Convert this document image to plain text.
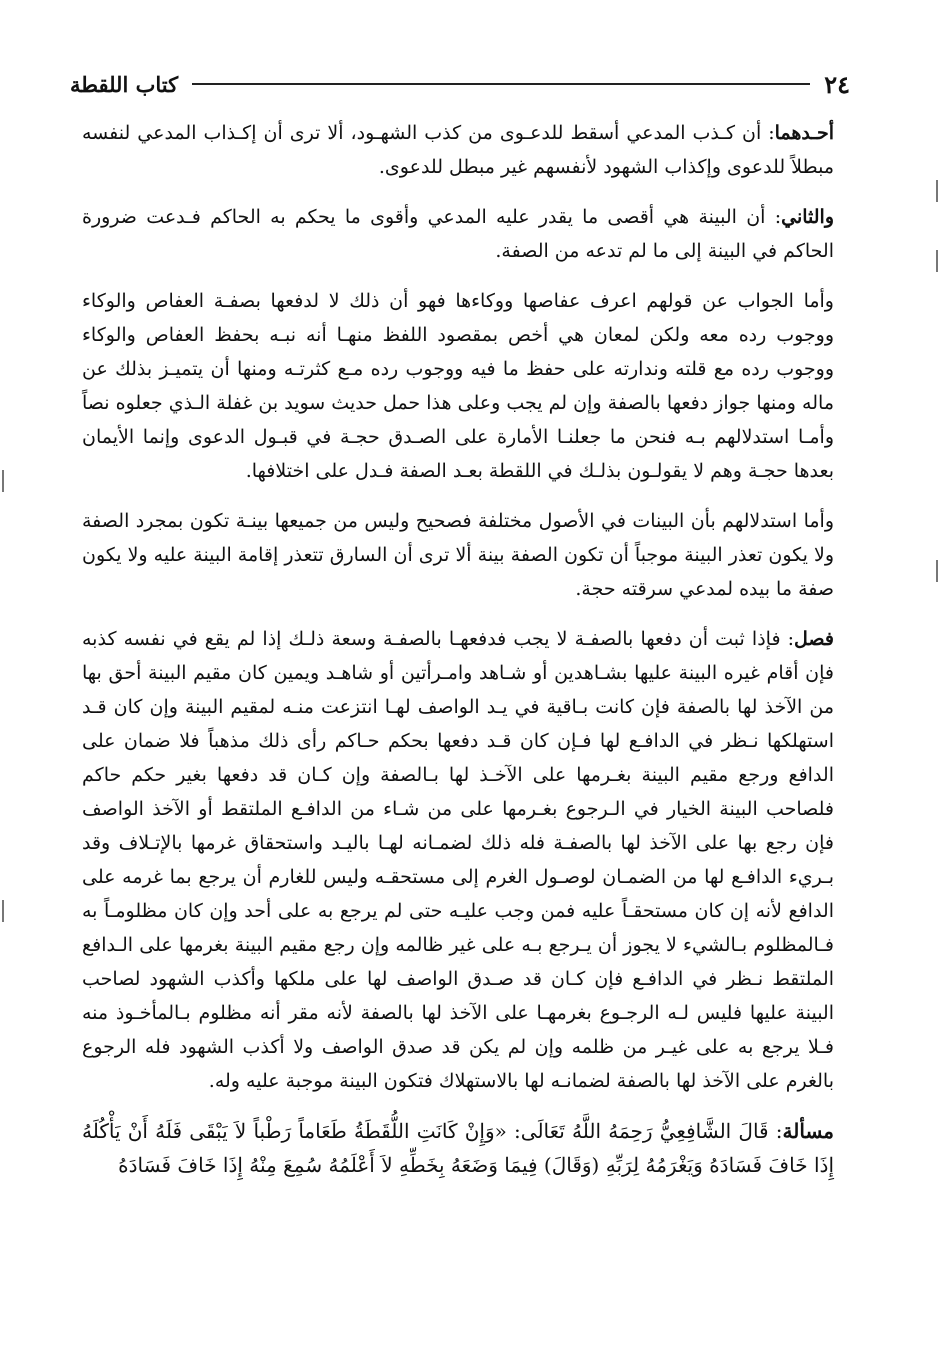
٢٤
كتاب اللقطة

أحـدهما: أن كـذب المدعي أسقط للدعـوى من كذب الشهـود، ألا ترى أن إكـذاب المدعي لنفسه مبطلاً للدعوى وإكذاب الشهود لأنفسهم غير مبطل للدعوى.

والثاني: أن البينة هي أقصى ما يقدر عليه المدعي وأقوى ما يحكم به الحاكم فـدعت ضرورة الحاكم في البينة إلى ما لم تدعه من الصفة.

وأما الجواب عن قولهم اعرف عفاصها ووكاءها فهو أن ذلك لا لدفعها بصفـة العفاص والوكاء ووجوب رده معه ولكن لمعان هي أخص بمقصود اللفظ منهـا أنه نبـه بحفظ العفاص والوكاء ووجوب رده مع قلته وندارته على حفظ ما فيه ووجوب رده مـع كثرتـه ومنها أن يتميـز بذلك عن ماله ومنها جواز دفعها بالصفة وإن لم يجب وعلى هذا حمل حديث سويد بن غفلة الـذي جعلوه نصاً وأمـا استدلالهم بـه فنحن ما جعلنـا الأمارة على الصـدق حجـة في قبـول الدعوى وإنما الأيمان بعدها حجـة وهم لا يقولـون بذلـك في اللقطة بعـد الصفة فـدل على اختلافها.

وأما استدلالهم بأن البينات في الأصول مختلفة فصحيح وليس من جميعها بينـة تكون بمجرد الصفة ولا يكون تعذر البينة موجباً أن تكون الصفة بينة ألا ترى أن السارق تتعذر إقامة البينة عليه ولا يكون صفة ما بيده لمدعي سرقته حجة.

فصل: فإذا ثبت أن دفعها بالصفـة لا يجب فدفعهـا بالصفـة وسعة ذلـك إذا لم يقع في نفسه كذبه فإن أقام غيره البينة عليها بشـاهدين أو شـاهد وامـرأتين أو شاهـد ويمين كان مقيم البينة أحق بها من الآخذ لها بالصفة فإن كانت بـاقية في يـد الواصف لهـا انتزعت منـه لمقيم البينة وإن كان قـد استهلكها نـظر في الدافـع لها فـإن كان قـد دفعها بحكم حـاكم رأى ذلك مذهباً فلا ضمان على الدافع ورجع مقيم البينة بغـرمها على الآخـذ لها بـالصفة وإن كـان قد دفعها بغير حكم حاكم فلصاحب البينة الخيار في الـرجوع بغـرمها على من شـاء من الدافـع الملتقط أو الآخذ الواصف فإن رجع بها على الآخذ لها بالصفـة فله ذلك لضمـانه لهـا باليـد واستحقاق غرمها بالإتـلاف وقد بـريء الدافـع لها من الضمـان لوصـول الغرم إلى مستحقـه وليس للغارم أن يرجع بما غرمه على الدافع لأنه إن كان مستحقـاً عليه فمن وجب عليـه حتى لم يرجع به على أحد وإن كان مظلومـاً به فـالمظلوم بـالشيء لا يجوز أن يـرجع بـه على غير ظالمه وإن رجع مقيم البينة بغرمها على الـدافع الملتقط نـظر في الدافـع فإن كـان قد صـدق الواصف لها على ملكها وأكذب الشهود لصاحب البينة عليها فليس لـه الرجـوع بغرمهـا على الآخذ لها بالصفة لأنه مقر أنه مظلوم بـالمأخـوذ منه فـلا يرجع به على غيـر من ظلمه وإن لم يكن قد صدق الواصف ولا أكذب الشهود فله الرجوع بالغرم على الآخذ لها بالصفة لضمانـه لها بالاستهلاك فتكون البينة موجبة عليه وله.

مسألة: قَالَ الشَّافِعِيُّ رَحِمَهُ اللَّهُ تَعَالَى: «وَإِنْ كَانَتِ اللُّقَطَةُ طَعَاماً رَطْباً لاَ يَبْقَى فَلَهُ أَنْ يَأْكُلَهُ إِذَا خَافَ فَسَادَهُ وَيَغْرَمُهُ لِرَبِّهِ (وَقَالَ) فِيمَا وَضَعَهُ بِخَطِّهِ لاَ أَعْلَمُهُ سُمِعَ مِنْهُ إِذَا خَافَ فَسَادَهُ
